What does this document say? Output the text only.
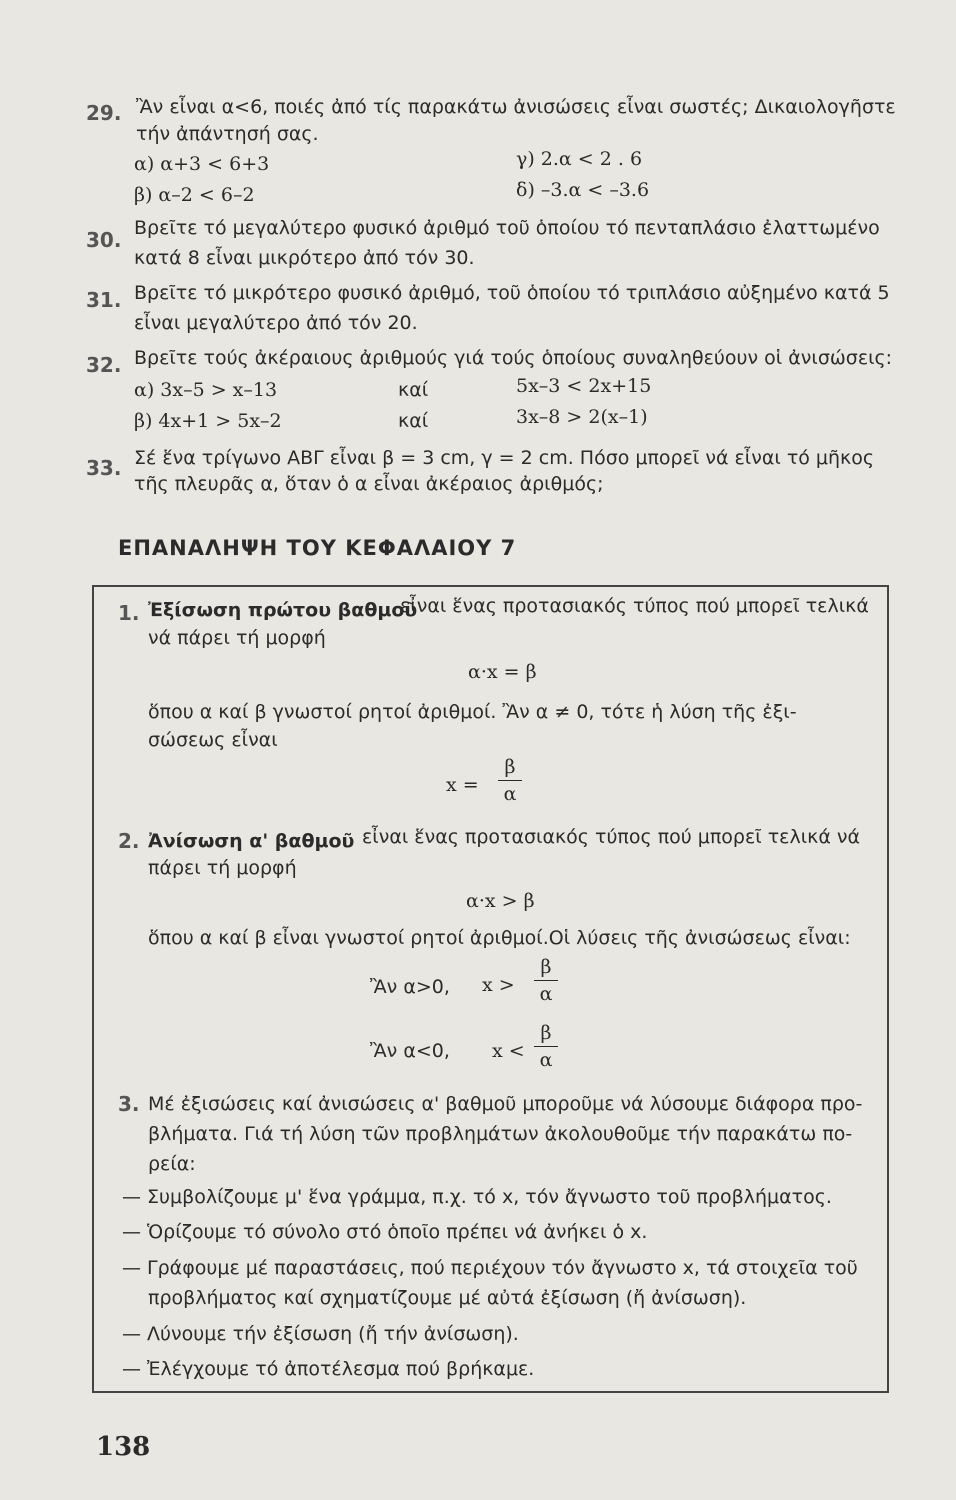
29. Ἂν εἶναι α<6, ποιές ἀπό τίς παρακάτω ἀνισώσεις εἶναι σωστές; Δικαιολογῆστε
τήν ἀπάντησή σας.
α) α+3 < 6+3	γ) 2.α < 2 . 6
β) α–2 < 6–2	δ) –3.α < –3.6
30. Βρεῖτε τό μεγαλύτερο φυσικό ἀριθμό τοῦ ὁποίου τό πενταπλάσιο ἐλαττωμένο
κατά 8 εἶναι μικρότερο ἀπό τόν 30.
31. Βρεῖτε τό μικρότερο φυσικό ἀριθμό, τοῦ ὁποίου τό τριπλάσιο αὐξημένο κατά 5
εἶναι μεγαλύτερο ἀπό τόν 20.
32. Βρεῖτε τούς ἀκέραιους ἀριθμούς γιά τούς ὁποίους συναληθεύουν οἱ ἀνισώσεις:
α) 3x–5 > x–13	καί	5x–3 < 2x+15
β) 4x+1 > 5x–2	καί	3x–8 > 2(x–1)
33. Σέ ἕνα τρίγωνο ΑΒΓ εἶναι β = 3 cm, γ = 2 cm. Πόσο μπορεῖ νά εἶναι τό μῆκος
τῆς πλευρᾶς α, ὅταν ὁ α εἶναι ἀκέραιος ἀριθμός;
ΕΠΑΝΑΛΗΨΗ ΤΟΥ ΚΕΦΑΛΑΙΟΥ 7
1. Ἐξίσωση πρώτου βαθμοῦ
εἶναι ἕνας προτασιακός τύπος πού μπορεῖ τελικά
νά πάρει τή μορφή
α·x = β
ὅπου α καί β γνωστοί ρητοί ἀριθμοί. Ἂν α ≠ 0, τότε ἡ λύση τῆς ἐξι-
σώσεως εἶναι
x =
β
α
2. Ἀνίσωση α' βαθμοῦ εἶναι ἕνας προτασιακός τύπος πού μπορεῖ τελικά νά
πάρει τή μορφή
α·x > β
ὅπου α καί β εἶναι γνωστοί ρητοί ἀριθμοί.Οἱ λύσεις τῆς ἀνισώσεως εἶναι:
Ἂν α>0, x >
β
α
Ἂν α<0, x <
β
α
3. Μέ ἐξισώσεις καί ἀνισώσεις α' βαθμοῦ μποροῦμε νά λύσουμε διάφορα προ-
βλήματα. Γιά τή λύση τῶν προβλημάτων ἀκολουθοῦμε τήν παρακάτω πο-
ρεία:
— Συμβολίζουμε μ' ἕνα γράμμα, π.χ. τό x, τόν ἄγνωστο τοῦ προβλήματος.
— Ὁρίζουμε τό σύνολο στό ὁποῖο πρέπει νά ἀνήκει ὁ x.
— Γράφουμε μέ παραστάσεις, πού περιέχουν τόν ἄγνωστο x, τά στοιχεῖα τοῦ
προβλήματος καί σχηματίζουμε μέ αὐτά ἐξίσωση (ἤ ἀνίσωση).
— Λύνουμε τήν ἐξίσωση (ἤ τήν ἀνίσωση).
— Ἐλέγχουμε τό ἀποτέλεσμα πού βρήκαμε.
138
